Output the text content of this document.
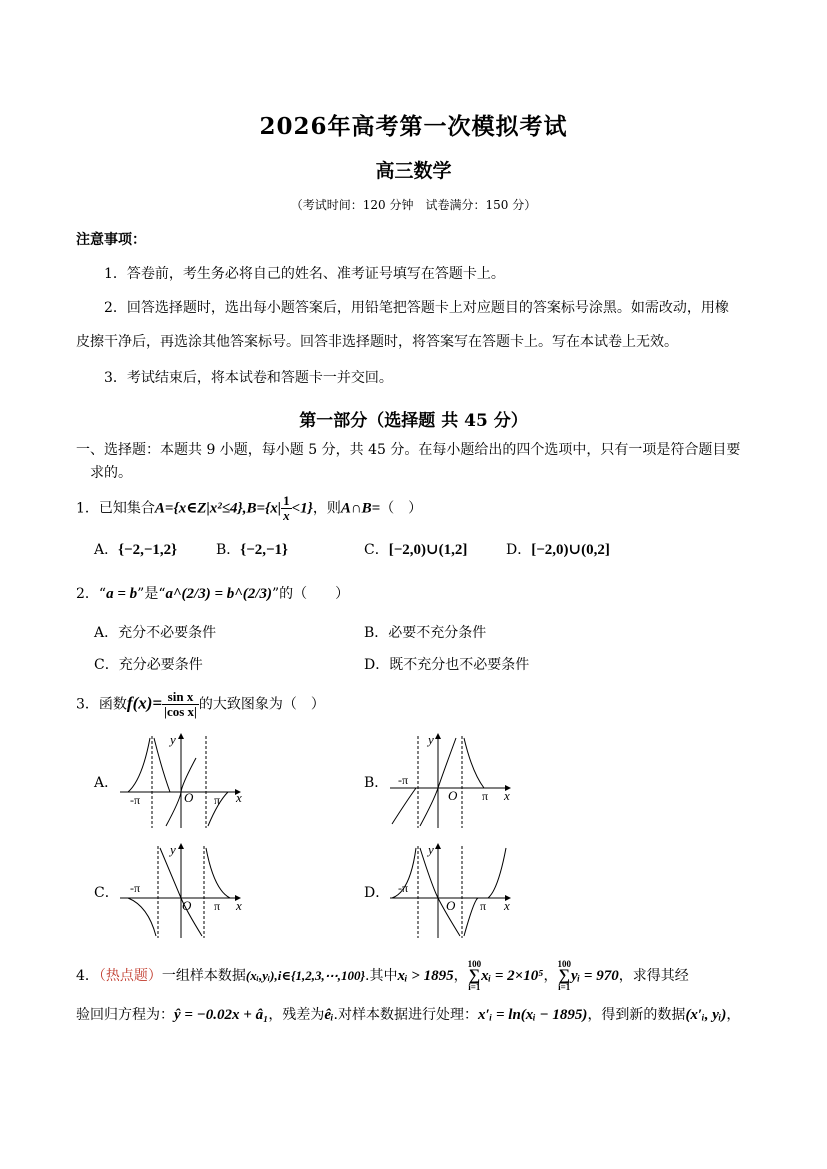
2026年高考第一次模拟考试
高三数学
（考试时间：120 分钟　试卷满分：150 分）
注意事项：
1．答卷前，考生务必将自己的姓名、准考证号填写在答题卡上。
2．回答选择题时，选出每小题答案后，用铅笔把答题卡上对应题目的答案标号涂黑。如需改动，用橡
皮擦干净后，再选涂其他答案标号。回答非选择题时，将答案写在答题卡上。写在本试卷上无效。
3．考试结束后，将本试卷和答题卡一并交回。
第一部分（选择题 共 45 分）
一、选择题：本题共 9 小题，每小题 5 分，共 45 分。在每小题给出的四个选项中，只有一项是符合题目要
求的。
1．已知集合A={x∈Z|x²≤4},B={x| $\frac{1}{x} <1$}，则A∩B=（　）
A．{−2,−1,2}	B．{−2,−1}	C．[−2,0)∪(1,2]	D．[−2,0)∪(0,2]
2．“a = b”是“a^(2/3) = b^(2/3)”的（　　）
A．充分不必要条件	B．必要不充分条件
C．充分必要条件	D．既不充分也不必要条件
3．函数$f(x)= \frac{\text{sin x}}{\text{|cos x|}}$ 的大致图象为（　）
A．	B．
C．	D．
-π	π
O
y
x
-π
π
O
y
x
-π
π
O
y
x
-π
π
O
y
x
4．（热点题）一组样本数据(xᵢ,yᵢ),i∈{1,2,3,⋯,100}.其中xᵢ > 1895，
100
∑
i=1
xᵢ = 2×10⁵，
100
∑
i=1
yᵢ = 970，求得其经
验回归方程为：ŷ = −0.02x + â₁，残差为êᵢ.对样本数据进行处理：x′ᵢ = ln(xᵢ − 1895)，得到新的数据(x′ᵢ, yᵢ)，
